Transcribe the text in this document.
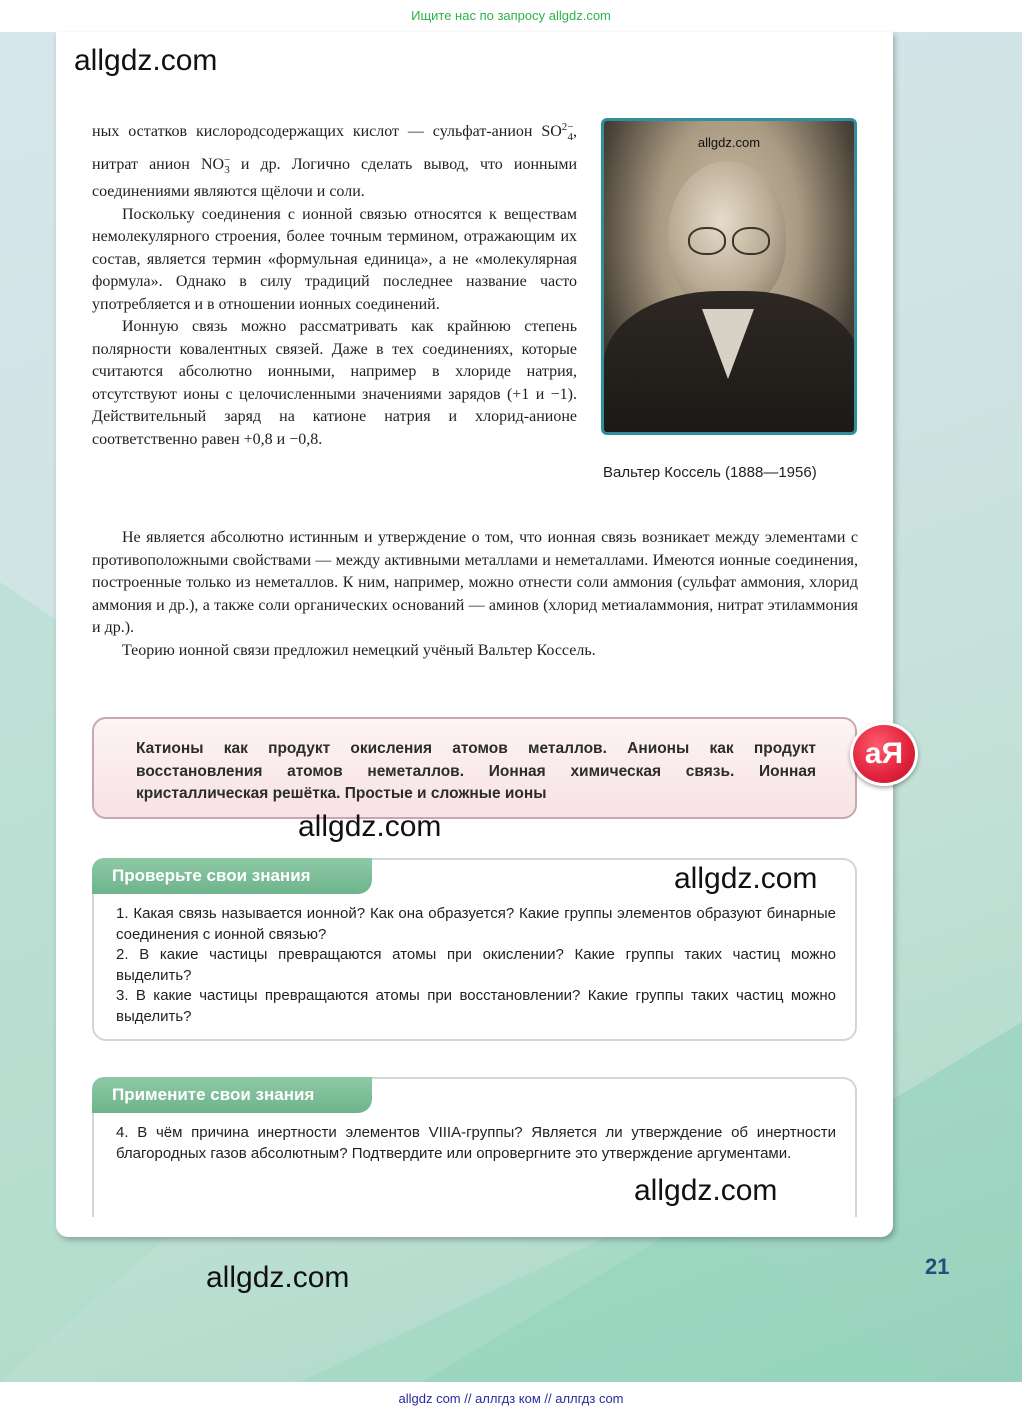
Ищите нас по запросу allgdz.com
allgdz.com

ных остатков кислородсодержащих кислот — сульфат-анион $SO^{2-}_4$, нитрат анион $NO^-_3$ и др. Логично сделать вывод, что ионными соединениями являются щёлочи и соли.

Поскольку соединения с ионной связью относятся к веществам немолекулярного строения, более точным термином, отражающим их состав, является термин «формульная единица», а не «молекулярная формула». Однако в силу традиций последнее название часто употребляется и в отношении ионных соединений.

Ионную связь можно рассматривать как крайнюю степень полярности ковалентных связей. Даже в тех соединениях, которые считаются абсолютно ионными, например в хлориде натрия, отсутствуют ионы с целочисленными значениями зарядов (+1 и −1). Действительный заряд на катионе натрия и хлорид-анионе соответственно равен +0,8 и −0,8.

allgdz.com
Вальтер Коссель (1888—1956)

Не является абсолютно истинным и утверждение о том, что ионная связь возникает между элементами с противоположными свойствами — между активными металлами и неметаллами. Имеются ионные соединения, построенные только из неметаллов. К ним, например, можно отнести соли аммония (сульфат аммония, хлорид аммония и др.), а также соли органических оснований — аминов (хлорид метиаламмония, нитрат этиламмония и др.).

Теорию ионной связи предложил немецкий учёный Вальтер Коссель.

Катионы как продукт окисления атомов металлов. Анионы как продукт восстановления атомов неметаллов. Ионная химическая связь. Ионная кристаллическая решётка. Простые и сложные ионы
аЯ
allgdz.com
Проверьте свои знания

1. Какая связь называется ионной? Как она образуется? Какие группы элементов образуют бинарные соединения с ионной связью?

2. В какие частицы превращаются атомы при окислении? Какие группы таких частиц можно выделить?

3. В какие частицы превращаются атомы при восстановлении? Какие группы таких частиц можно выделить?

allgdz.com
Примените свои знания

4. В чём причина инертности элементов VIIIA-группы? Является ли утверждение об инертности благородных газов абсолютным? Подтвердите или опровергните это утверждение аргументами.

allgdz.com
allgdz.com	21
allgdz com // аллгдз ком // аллгдз com
